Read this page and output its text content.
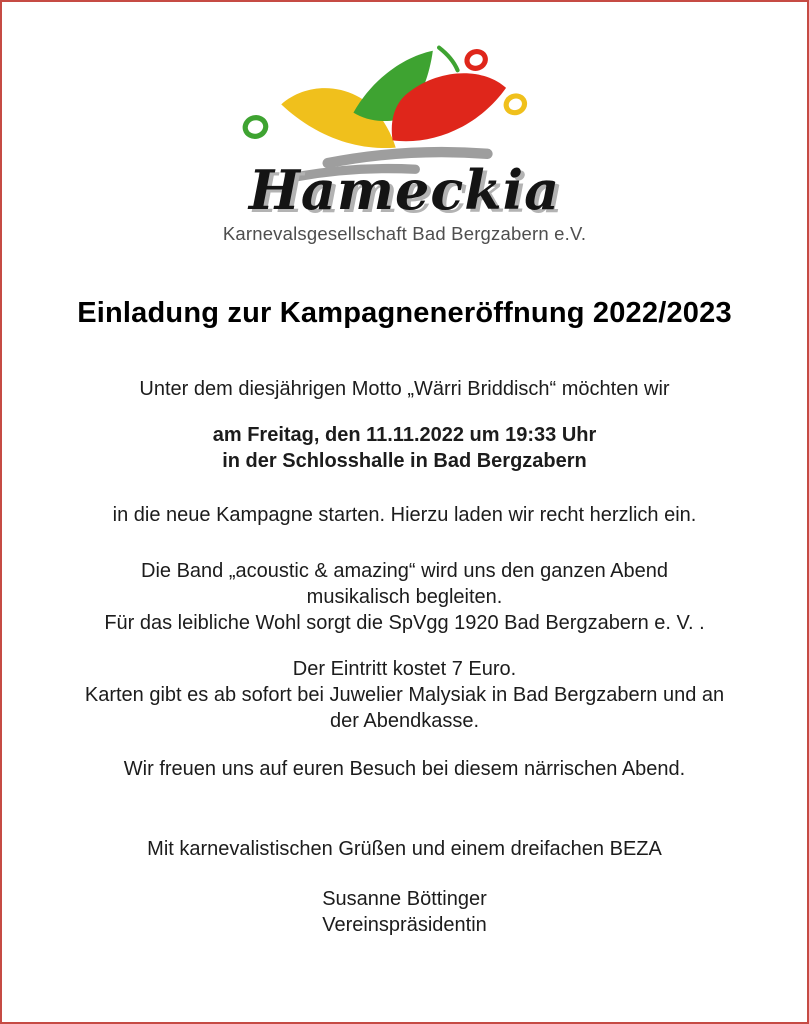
Hameckia
Karnevalsgesellschaft Bad Bergzabern e.V.
Einladung zur Kampagneneröffnung 2022/2023

Unter dem diesjährigen Motto „Wärri Briddisch“ möchten wir

am Freitag, den 11.11.2022 um 19:33 Uhr
in der Schlosshalle in Bad Bergzabern

in die neue Kampagne starten. Hierzu laden wir recht herzlich ein.

Die Band „acoustic & amazing“ wird uns den ganzen Abend
musikalisch begleiten.
Für das leibliche Wohl sorgt die SpVgg 1920 Bad Bergzabern e. V. .

Der Eintritt kostet 7 Euro.
Karten gibt es ab sofort bei Juwelier Malysiak in Bad Bergzabern und an
der Abendkasse.

Wir freuen uns auf euren Besuch bei diesem närrischen Abend.

Mit karnevalistischen Grüßen und einem dreifachen BEZA

Susanne Böttinger
Vereinspräsidentin
